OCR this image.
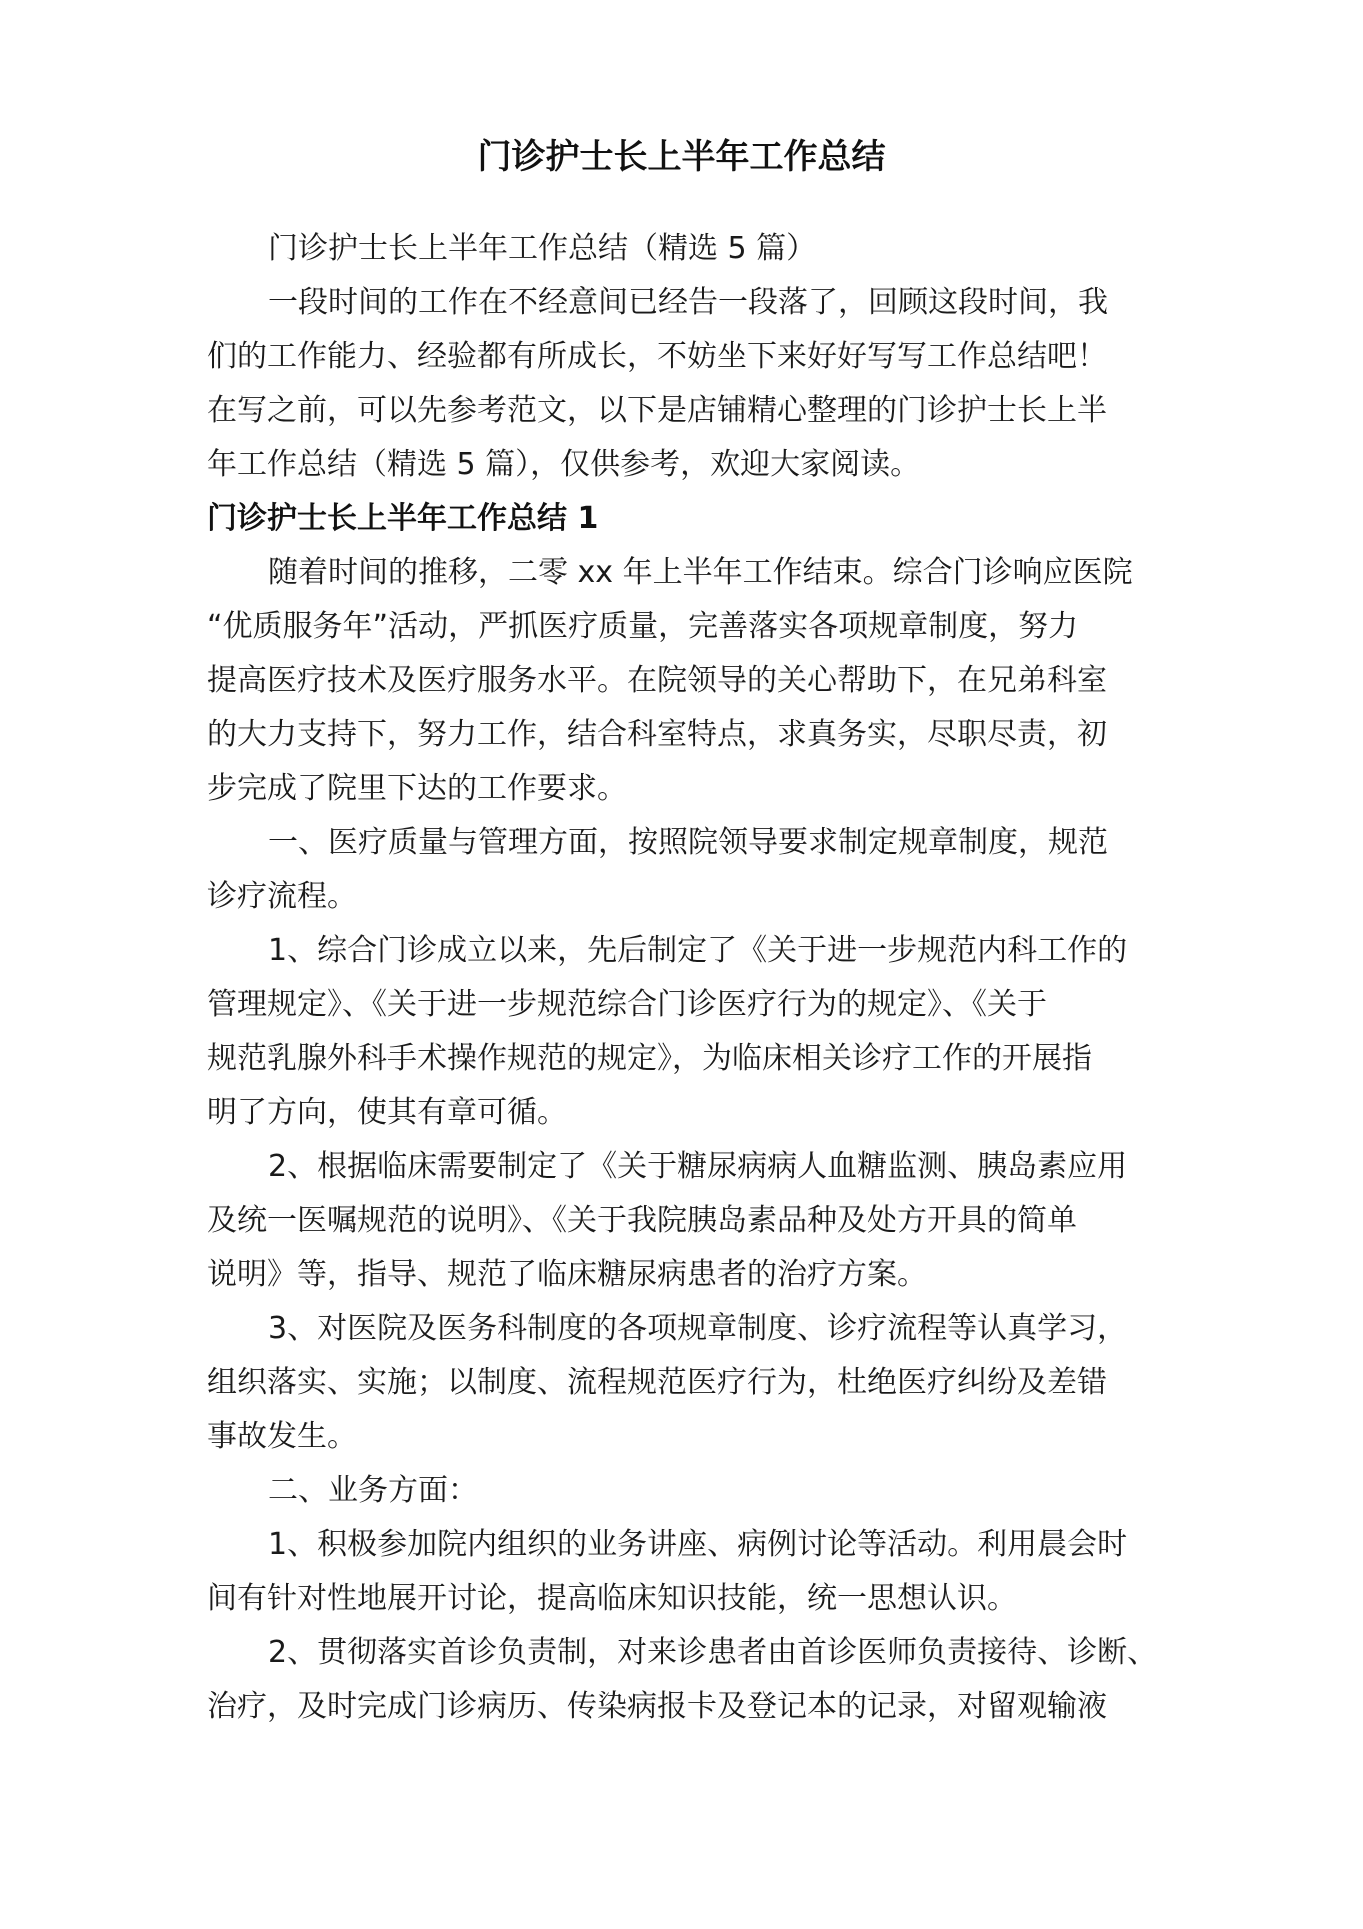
门诊护士长上半年工作总结

门诊护士长上半年工作总结（精选 5 篇）

一段时间的工作在不经意间已经告一段落了，回顾这段时间，我
们的工作能力、经验都有所成长，不妨坐下来好好写写工作总结吧！
在写之前，可以先参考范文，以下是店铺精心整理的门诊护士长上半
年工作总结（精选 5 篇），仅供参考，欢迎大家阅读。
门诊护士长上半年工作总结 1
随着时间的推移，二零 xx 年上半年工作结束。综合门诊响应医院
“优质服务年”活动，严抓医疗质量，完善落实各项规章制度，努力
提高医疗技术及医疗服务水平。在院领导的关心帮助下，在兄弟科室
的大力支持下，努力工作，结合科室特点，求真务实，尽职尽责，初
步完成了院里下达的工作要求。
一、医疗质量与管理方面，按照院领导要求制定规章制度，规范
诊疗流程。
1、综合门诊成立以来，先后制定了《关于进一步规范内科工作的
管理规定》、《关于进一步规范综合门诊医疗行为的规定》、《关于
规范乳腺外科手术操作规范的规定》，为临床相关诊疗工作的开展指
明了方向，使其有章可循。
2、根据临床需要制定了《关于糖尿病病人血糖监测、胰岛素应用
及统一医嘱规范的说明》、《关于我院胰岛素品种及处方开具的简单
说明》等，指导、规范了临床糖尿病患者的治疗方案。
3、对医院及医务科制度的各项规章制度、诊疗流程等认真学习，
组织落实、实施；以制度、流程规范医疗行为，杜绝医疗纠纷及差错
事故发生。
二、业务方面：
1、积极参加院内组织的业务讲座、病例讨论等活动。利用晨会时
间有针对性地展开讨论，提高临床知识技能，统一思想认识。
2、贯彻落实首诊负责制，对来诊患者由首诊医师负责接待、诊断、
治疗，及时完成门诊病历、传染病报卡及登记本的记录，对留观输液
